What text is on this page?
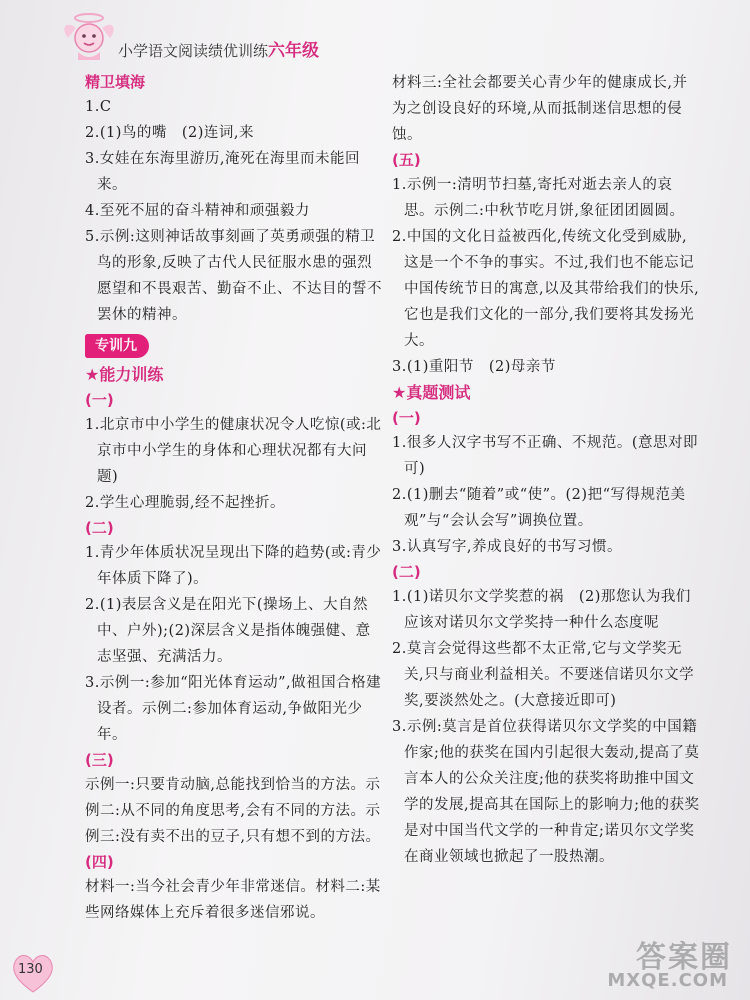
小学语文阅读绩优训练六年级

精卫填海

1.C

2.(1)鸟的嘴　(2)连词,来

3.女娃在东海里游历,淹死在海里而未能回来。

4.至死不屈的奋斗精神和顽强毅力

5.示例:这则神话故事刻画了英勇顽强的精卫鸟的形象,反映了古代人民征服水患的强烈愿望和不畏艰苦、勤奋不止、不达目的誓不罢休的精神。

专训九
★能力训练

(一)

1.北京市中小学生的健康状况令人吃惊(或:北京市中小学生的身体和心理状况都有大问题)

2.学生心理脆弱,经不起挫折。

(二)

1.青少年体质状况呈现出下降的趋势(或:青少年体质下降了)。

2.(1)表层含义是在阳光下(操场上、大自然中、户外);(2)深层含义是指体魄强健、意志坚强、充满活力。

3.示例一:参加“阳光体育运动”,做祖国合格建设者。示例二:参加体育运动,争做阳光少年。

(三)

示例一:只要肯动脑,总能找到恰当的方法。示例二:从不同的角度思考,会有不同的方法。示例三:没有卖不出的豆子,只有想不到的方法。

(四)

材料一:当今社会青少年非常迷信。材料二:某些网络媒体上充斥着很多迷信邪说。

材料三:全社会都要关心青少年的健康成长,并为之创设良好的环境,从而抵制迷信思想的侵蚀。

(五)

1.示例一:清明节扫墓,寄托对逝去亲人的哀思。示例二:中秋节吃月饼,象征团团圆圆。

2.中国的文化日益被西化,传统文化受到威胁,这是一个不争的事实。不过,我们也不能忘记中国传统节日的寓意,以及其带给我们的快乐,它也是我们文化的一部分,我们要将其发扬光大。

3.(1)重阳节　(2)母亲节

★真题测试

(一)

1.很多人汉字书写不正确、不规范。(意思对即可)

2.(1)删去“随着”或“使”。(2)把“写得规范美观”与“会认会写”调换位置。

3.认真写字,养成良好的书写习惯。

(二)

1.(1)诺贝尔文学奖惹的祸　(2)那您认为我们应该对诺贝尔文学奖持一种什么态度呢

2.莫言会觉得这些都不太正常,它与文学奖无关,只与商业利益相关。不要迷信诺贝尔文学奖,要淡然处之。(大意接近即可)

3.示例:莫言是首位获得诺贝尔文学奖的中国籍作家;他的获奖在国内引起很大轰动,提高了莫言本人的公众关注度;他的获奖将助推中国文学的发展,提高其在国际上的影响力;他的获奖是对中国当代文学的一种肯定;诺贝尔文学奖在商业领域也掀起了一股热潮。

130	答案圈
MXQE.COM
